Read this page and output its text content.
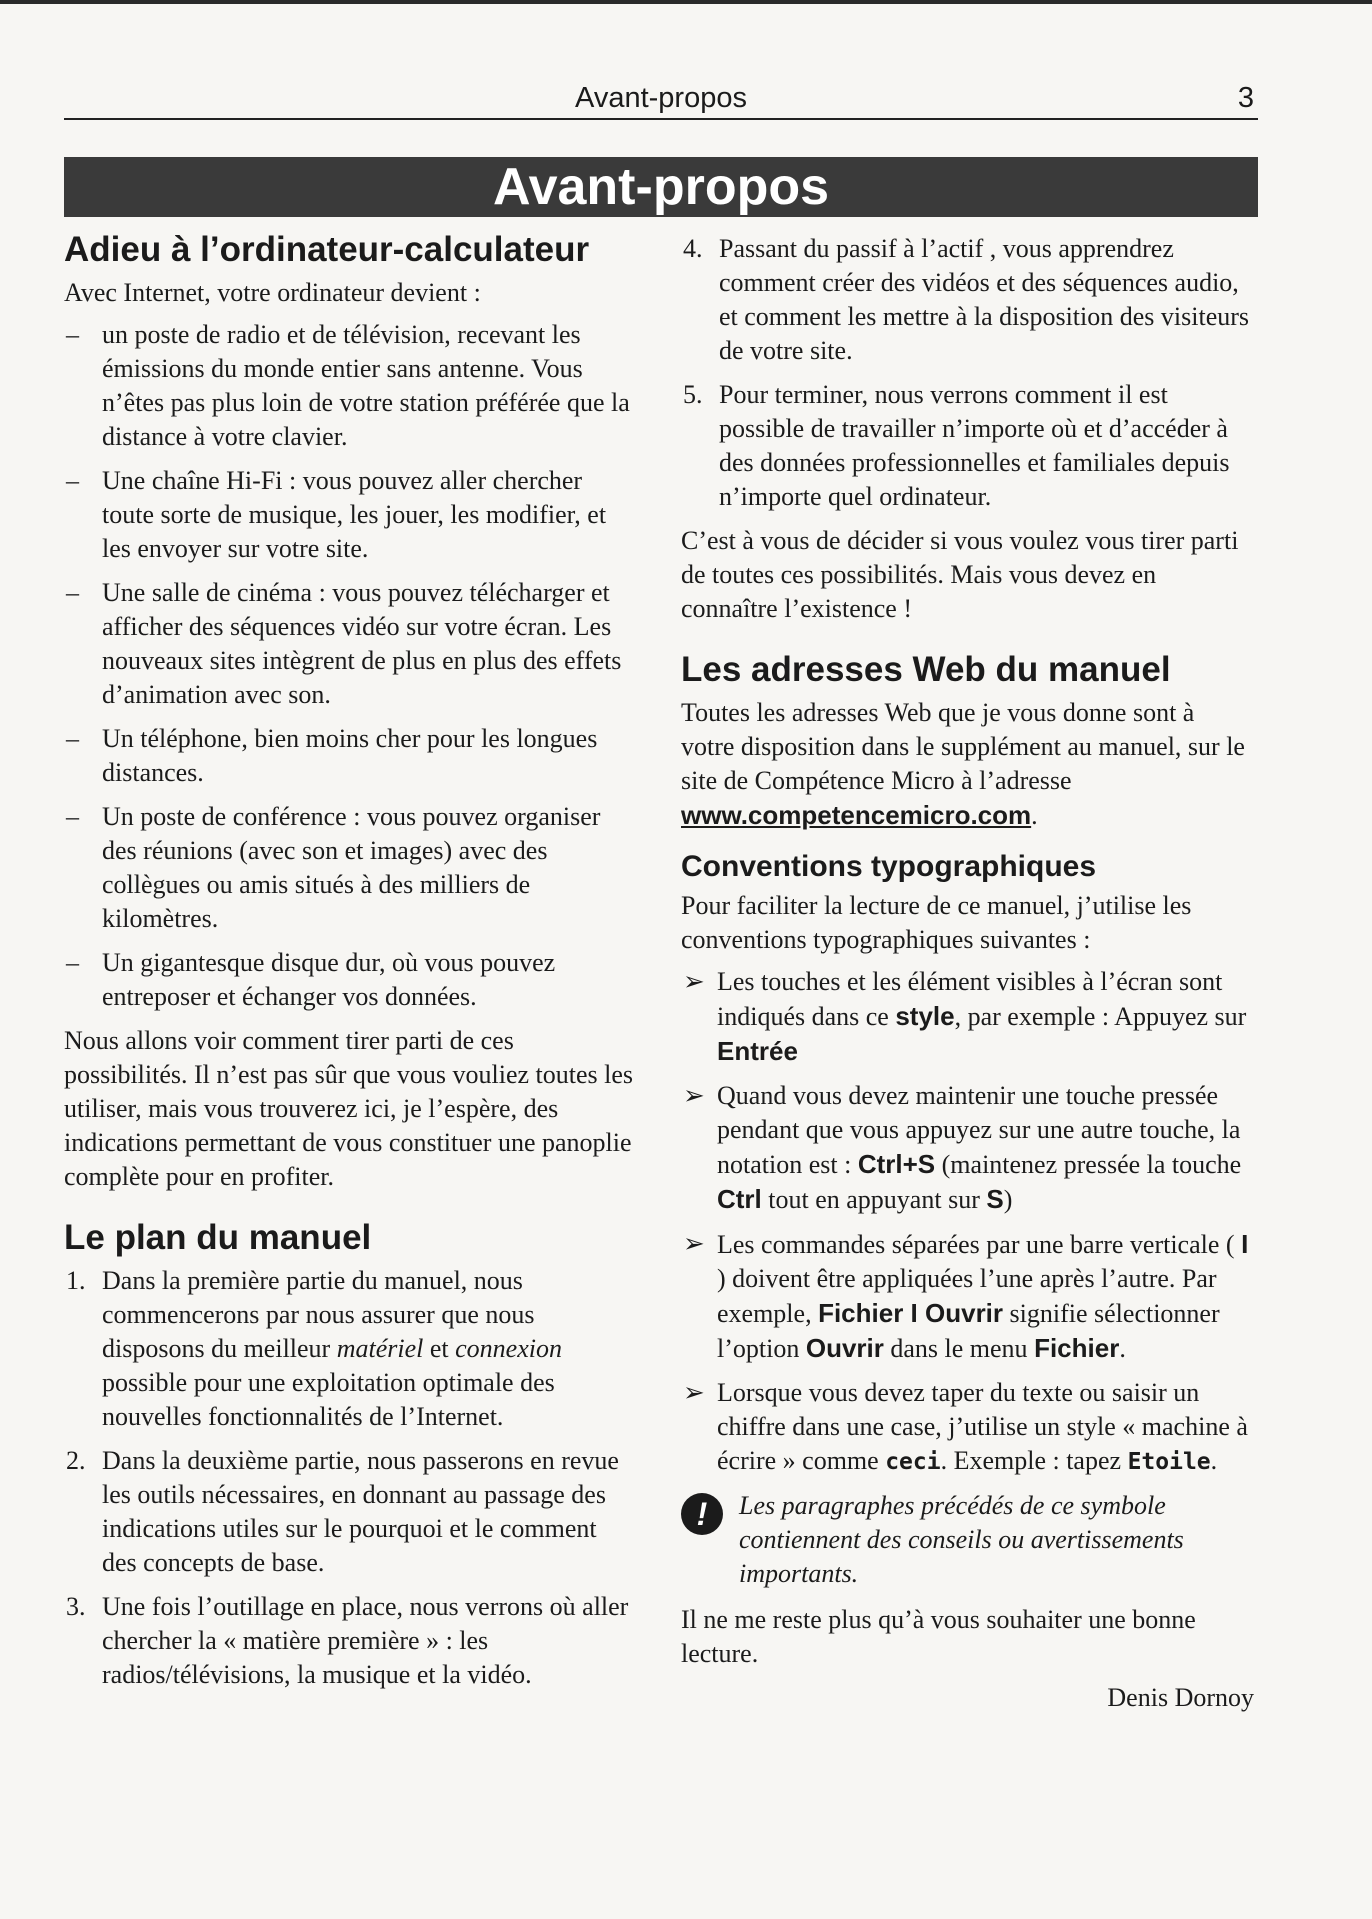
Avant-propos	3
Avant-propos
Adieu à l’ordinateur-calculateur

Avec Internet, votre ordinateur devient :

– un poste de radio et de télévision, recevant les émissions du monde entier sans antenne. Vous n’êtes pas plus loin de votre station préférée que la distance à votre clavier.
– Une chaîne Hi-Fi : vous pouvez aller chercher toute sorte de musique, les jouer, les modifier, et les envoyer sur votre site.
– Une salle de cinéma : vous pouvez télécharger et afficher des séquences vidéo sur votre écran. Les nouveaux sites intègrent de plus en plus des effets d’animation avec son.
– Un téléphone, bien moins cher pour les longues distances.
– Un poste de conférence : vous pouvez organiser des réunions (avec son et images) avec des collègues ou amis situés à des milliers de kilomètres.
– Un gigantesque disque dur, où vous pouvez entreposer et échanger vos données.

Nous allons voir comment tirer parti de ces possibilités. Il n’est pas sûr que vous vouliez toutes les utiliser, mais vous trouverez ici, je l’espère, des indications permettant de vous constituer une panoplie complète pour en profiter.

Le plan du manuel
1. Dans la première partie du manuel, nous commencerons par nous assurer que nous disposons du meilleur matériel et connexion possible pour une exploitation optimale des nouvelles fonctionnalités de l’Internet.
2. Dans la deuxième partie, nous passerons en revue les outils nécessaires, en donnant au passage des indications utiles sur le pourquoi et le comment des concepts de base.
3. Une fois l’outillage en place, nous verrons où aller chercher la « matière première » : les radios/télévisions, la musique et la vidéo.
4. Passant du passif à l’actif , vous apprendrez comment créer des vidéos et des séquences audio, et comment les mettre à la disposition des visiteurs de votre site.
5. Pour terminer, nous verrons comment il est possible de travailler n’importe où et d’accéder à des données professionnelles et familiales depuis n’importe quel ordinateur.

C’est à vous de décider si vous voulez vous tirer parti de toutes ces possibilités. Mais vous devez en connaître l’existence !

Les adresses Web du manuel

Toutes les adresses Web que je vous donne sont à votre disposition dans le supplément au manuel, sur le site de Compétence Micro à l’adresse www.competencemicro.com.

Conventions typographiques

Pour faciliter la lecture de ce manuel, j’utilise les conventions typographiques suivantes :

➢ Les touches et les élément visibles à l’écran sont indiqués dans ce style, par exemple : Appuyez sur Entrée
➢ Quand vous devez maintenir une touche pressée pendant que vous appuyez sur une autre touche, la notation est : Ctrl+S (maintenez pressée la touche Ctrl tout en appuyant sur S)
➢ Les commandes séparées par une barre verticale ( I ) doivent être appliquées l’une après l’autre. Par exemple, Fichier I Ouvrir signifie sélectionner l’option Ouvrir dans le menu Fichier.
➢ Lorsque vous devez taper du texte ou saisir un chiffre dans une case, j’utilise un style « machine à écrire » comme ceci. Exemple : tapez Etoile.
!	Les paragraphes précédés de ce symbole contiennent des conseils ou avertissements importants.

Il ne me reste plus qu’à vous souhaiter une bonne lecture.

Denis Dornoy
